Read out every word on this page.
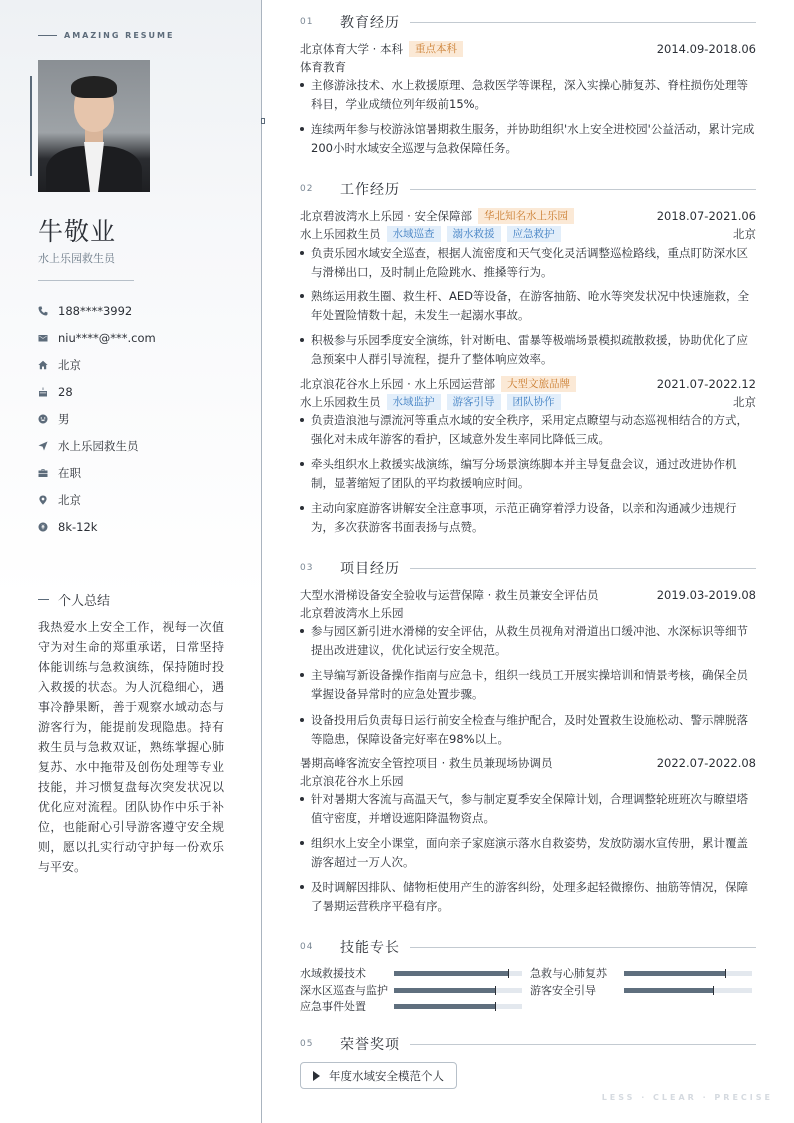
AMAZING RESUME
牛敬业
水上乐园救生员
188****3992
niu****@***.com
北京
28
男
水上乐园救生员
在职
北京
8k-12k
个人总结
我热爱水上安全工作，视每一次值守为对生命的郑重承诺，日常坚持体能训练与急救演练，保持随时投入救援的状态。为人沉稳细心，遇事冷静果断，善于观察水域动态与游客行为，能提前发现隐患。持有救生员与急救双证，熟练掌握心肺复苏、水中拖带及创伤处理等专业技能，并习惯复盘每次突发状况以优化应对流程。团队协作中乐于补位，也能耐心引导游客遵守安全规则，愿以扎实行动守护每一份欢乐与平安。
01	教育经历
北京体育大学 · 本科	重点本科	2014.09-2018.06
体育教育
主修游泳技术、水上救援原理、急救医学等课程，深入实操心肺复苏、脊柱损伤处理等科目，学业成绩位列年级前15%。
连续两年参与校游泳馆暑期救生服务，并协助组织'水上安全进校园'公益活动，累计完成200小时水域安全巡逻与急救保障任务。
02	工作经历
北京碧波湾水上乐园 · 安全保障部	华北知名水上乐园	2018.07-2021.06
水上乐园救生员	水域巡查	溺水救援	应急救护	北京
负责乐园水域安全巡查，根据人流密度和天气变化灵活调整巡检路线，重点盯防深水区与滑梯出口，及时制止危险跳水、推搡等行为。
熟练运用救生圈、救生杆、AED等设备，在游客抽筋、呛水等突发状况中快速施救，全年处置险情数十起，未发生一起溺水事故。
积极参与乐园季度安全演练，针对断电、雷暴等极端场景模拟疏散救援，协助优化了应急预案中人群引导流程，提升了整体响应效率。
北京浪花谷水上乐园 · 水上乐园运营部	大型文旅品牌	2021.07-2022.12
水上乐园救生员	水域监护	游客引导	团队协作	北京
负责造浪池与漂流河等重点水域的安全秩序，采用定点瞭望与动态巡视相结合的方式，强化对未成年游客的看护，区域意外发生率同比降低三成。
牵头组织水上救援实战演练，编写分场景演练脚本并主导复盘会议，通过改进协作机制，显著缩短了团队的平均救援响应时间。
主动向家庭游客讲解安全注意事项，示范正确穿着浮力设备，以亲和沟通减少违规行为，多次获游客书面表扬与点赞。
03	项目经历
大型水滑梯设备安全验收与运营保障 · 救生员兼安全评估员	2019.03-2019.08
北京碧波湾水上乐园
参与园区新引进水滑梯的安全评估，从救生员视角对滑道出口缓冲池、水深标识等细节提出改进建议，优化试运行安全规范。
主导编写新设备操作指南与应急卡，组织一线员工开展实操培训和情景考核，确保全员掌握设备异常时的应急处置步骤。
设备投用后负责每日运行前安全检查与维护配合，及时处置救生设施松动、警示牌脱落等隐患，保障设备完好率在98%以上。
暑期高峰客流安全管控项目 · 救生员兼现场协调员	2022.07-2022.08
北京浪花谷水上乐园
针对暑期大客流与高温天气，参与制定夏季安全保障计划，合理调整轮班班次与瞭望塔值守密度，并增设遮阳降温物资点。
组织水上安全小课堂，面向亲子家庭演示落水自救姿势，发放防溺水宣传册，累计覆盖游客超过一万人次。
及时调解因排队、储物柜使用产生的游客纠纷，处理多起轻微擦伤、抽筋等情况，保障了暑期运营秩序平稳有序。
04	技能专长
水域救援技术	急救与心肺复苏
深水区巡查与监护	游客安全引导
应急事件处置
05	荣誉奖项
年度水域安全模范个人
LESS · CLEAR · PRECISE
